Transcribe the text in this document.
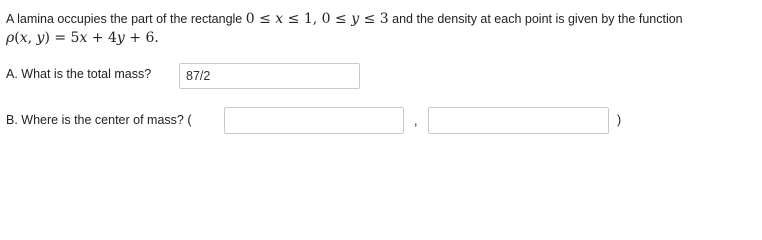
A lamina occupies the part of the rectangle 0 ≤ x ≤ 1, 0 ≤ y ≤ 3 and the density at each point is given by the function
ρ(x, y) = 5x + 4y + 6.
A. What is the total mass?
87/2
B. Where is the center of mass? (	,	)
